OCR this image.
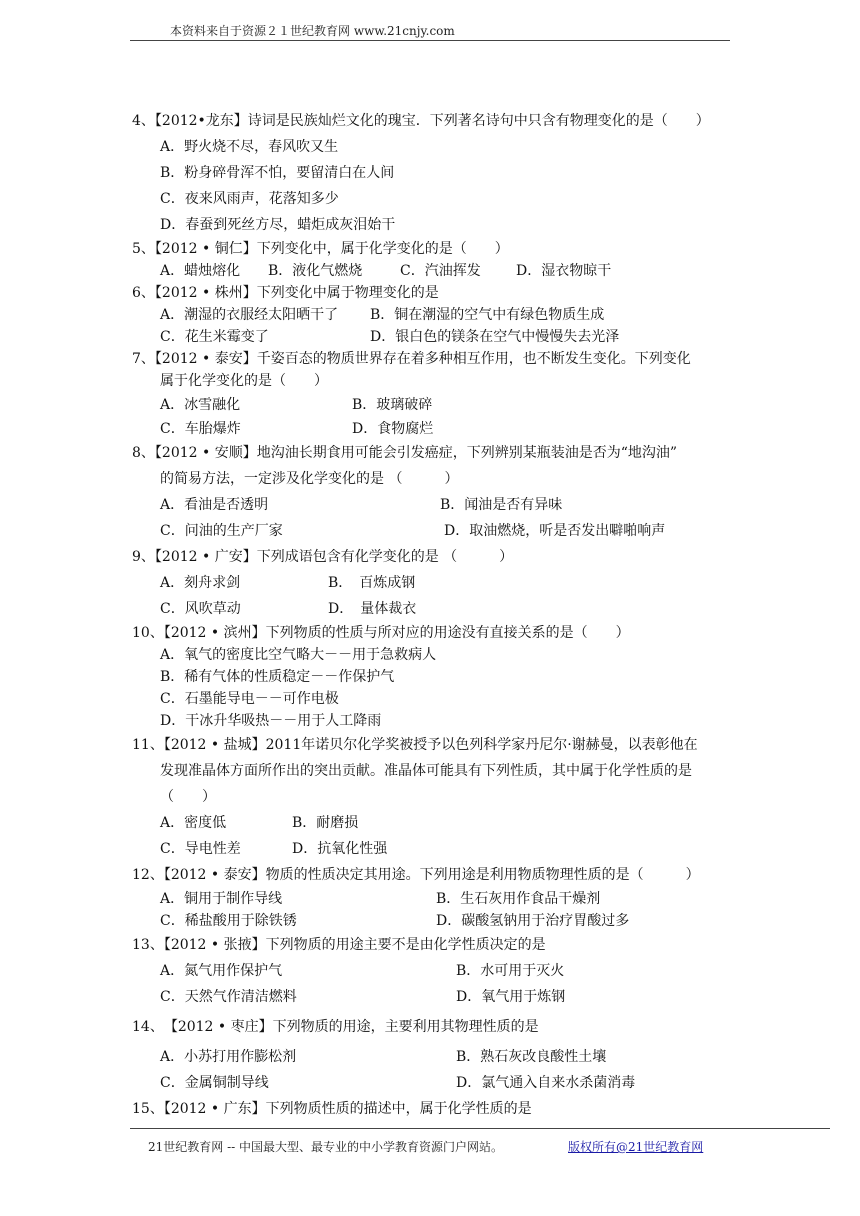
本资料来自于资源２１世纪教育网 www.21cnjy.com
4、【2012•龙东】诗词是民族灿烂文化的瑰宝．下列著名诗句中只含有物理变化的是（　　）
A．野火烧不尽，春风吹又生
B．粉身碎骨浑不怕，要留清白在人间
C．夜来风雨声，花落知多少
D．春蚕到死丝方尽，蜡炬成灰泪始干
5、【2012 • 铜仁】下列变化中，属于化学变化的是（　　）
A．蜡烛熔化 B．液化气燃烧	C．汽油挥发	D．湿衣物晾干
6、【2012 • 株州】下列变化中属于物理变化的是
A．潮湿的衣服经太阳晒干了 B．铜在潮湿的空气中有绿色物质生成
C．花生米霉变了	D．银白色的镁条在空气中慢慢失去光泽
7、【2012 • 泰安】千姿百态的物质世界存在着多种相互作用，也不断发生变化。下列变化
属于化学变化的是（　　）
A．冰雪融化	B．玻璃破碎
C．车胎爆炸	D．食物腐烂
8、【2012 • 安顺】地沟油长期食用可能会引发癌症，下列辨别某瓶装油是否为“地沟油”
的简易方法，一定涉及化学变化的是 （　　　）
A．看油是否透明	B．闻油是否有异味
C．问油的生产厂家	D．取油燃烧，听是否发出噼啪响声
9、【2012 • 广安】下列成语包含有化学变化的是 （　　　）
A．刻舟求剑	B．　百炼成钢
C．风吹草动	D．　量体裁衣
10、【2012 • 滨州】下列物质的性质与所对应的用途没有直接关系的是（　　）
A．氧气的密度比空气略大－－用于急救病人
B．稀有气体的性质稳定－－作保护气
C．石墨能导电－－可作电极
D．干冰升华吸热－－用于人工降雨
11、【2012 • 盐城】2011年诺贝尔化学奖被授予以色列科学家丹尼尔·谢赫曼，以表彰他在
发现准晶体方面所作出的突出贡献。准晶体可能具有下列性质，其中属于化学性质的是
（　　）
A．密度低	B．耐磨损
C．导电性差	D．抗氧化性强
12、【2012 • 泰安】物质的性质决定其用途。下列用途是利用物质物理性质的是（　　　）
A．铜用于制作导线	B．生石灰用作食品干燥剂
C．稀盐酸用于除铁锈	D．碳酸氢钠用于治疗胃酸过多
13、【2012 • 张掖】下列物质的用途主要不是由化学性质决定的是
A．氮气用作保护气	B．水可用于灭火
C．天然气作清洁燃料	D．氧气用于炼钢
14、　【2012 • 枣庄】下列物质的用途，主要利用其物理性质的是
A．小苏打用作膨松剂	B．熟石灰改良酸性土壤
C．金属铜制导线	D．氯气通入自来水杀菌消毒
15、【2012 • 广东】下列物质性质的描述中，属于化学性质的是
21世纪教育网 -- 中国最大型、最专业的中小学教育资源门户网站。	版权所有@21世纪教育网
